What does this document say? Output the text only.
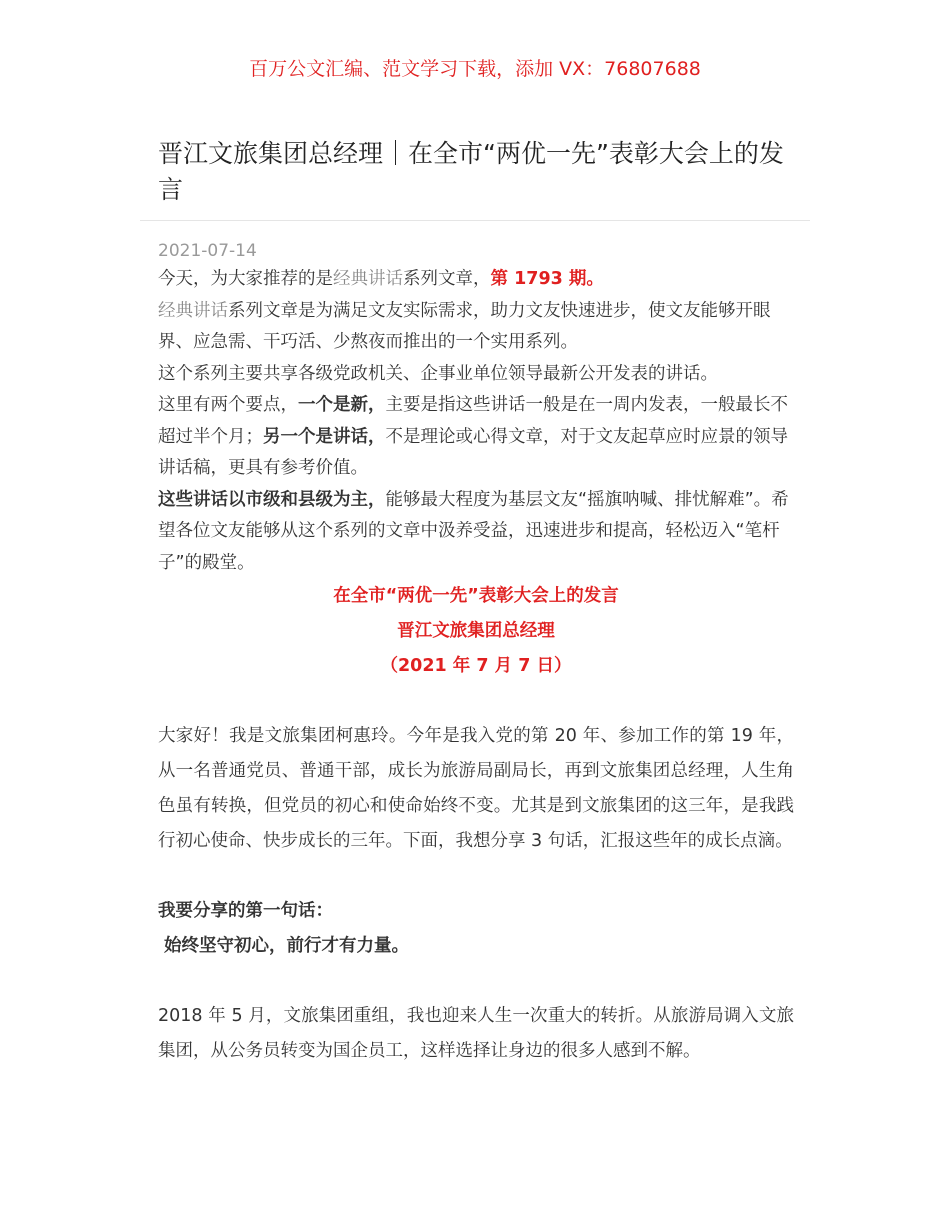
百万公文汇编、范文学习下载，添加 VX：76807688
晋江文旅集团总经理｜在全市“两优一先”表彰大会上的发言

2021-07-14

今天，为大家推荐的是经典讲话系列文章，第 1793 期。

经典讲话系列文章是为满足文友实际需求，助力文友快速进步，使文友能够开眼界、应急需、干巧活、少熬夜而推出的一个实用系列。

这个系列主要共享各级党政机关、企事业单位领导最新公开发表的讲话。

这里有两个要点，一个是新，主要是指这些讲话一般是在一周内发表，一般最长不超过半个月；另一个是讲话，不是理论或心得文章，对于文友起草应时应景的领导讲话稿，更具有参考价值。

这些讲话以市级和县级为主，能够最大程度为基层文友“摇旗呐喊、排忧解难”。希望各位文友能够从这个系列的文章中汲养受益，迅速进步和提高，轻松迈入“笔杆子”的殿堂。

在全市“两优一先”表彰大会上的发言

晋江文旅集团总经理

（2021 年 7 月 7 日）

大家好！我是文旅集团柯惠玲。今年是我入党的第 20 年、参加工作的第 19 年，从一名普通党员、普通干部，成长为旅游局副局长，再到文旅集团总经理，人生角色虽有转换，但党员的初心和使命始终不变。尤其是到文旅集团的这三年，是我践行初心使命、快步成长的三年。下面，我想分享 3 句话，汇报这些年的成长点滴。

我要分享的第一句话：

始终坚守初心，前行才有力量。

2018 年 5 月，文旅集团重组，我也迎来人生一次重大的转折。从旅游局调入文旅集团，从公务员转变为国企员工，这样选择让身边的很多人感到不解。
